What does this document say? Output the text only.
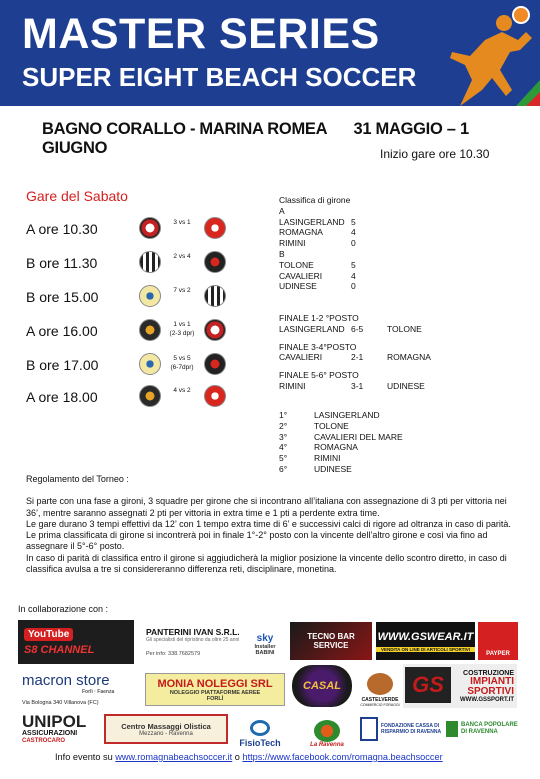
MASTER SERIES
SUPER EIGHT BEACH SOCCER
BAGNO CORALLO - MARINA ROMEA 31 MAGGIO – 1 GIUGNO	Inizio gare ore 10.30
Gare del Sabato
A ore 10.30	3 vs 1
B ore 11.30	2 vs 4
B ore 15.00	7 vs 2
A ore 16.00	1 vs 1
(2-3 dpr)
B ore 17.00	5 vs 5
(6-7dpr)
A ore 18.00	4 vs 2
Classifica di girone
A
LASINGERLAND 5
ROMAGNA	4
RIMINI	0
B
TOLONE	5
CAVALIERI	4
UDINESE	0
FINALE 1-2 °POSTO
LASINGERLAND 6-5	TOLONE
FINALE 3-4°POSTO
CAVALIERI	2-1	ROMAGNA
FINALE 5-6° POSTO
RIMINI	3-1	UDINESE
1°	LASINGERLAND
2°	TOLONE
3°	CAVALIERI DEL MARE
4°	ROMAGNA
5°	RIMINI
6°	UDINESE

Regolamento del Torneo :

Si parte con una fase a gironi, 3 squadre per girone che si incontrano all’italiana con assegnazione di 3 pti per vittoria nei 36’, mentre saranno assegnati 2 pti per vittoria in extra time e 1 pti a perdente extra time.
Le gare durano 3 tempi effettivi da 12’ con 1 tempo extra time di 6’ e successivi calci di rigore ad oltranza in caso di parità.
Le prima classificata di girone si incontrerà poi in finale 1°-2° posto con la vincente dell’altro girone e così via fino ad assegnare il 5°-6° posto.
In caso di parità di classifica entro il girone si aggiudicherà la miglior posizione la vincente dello scontro diretto, in caso di classifica avulsa a tre si considereranno differenza reti, disciplinare, monetina.
In collaborazione con :
YouTube
S8 CHANNEL
PANTERINI IVAN S.R.L.
Gli specialisti del ripristino da oltre 25 anni
Per info: 338.7682579
sky
Installer BABINI
TECNO BAR SERVICE
WWW.GSWEAR.IT
VENDITA ON LINE DI ARTICOLI SPORTIVI
PAYPER
macron store
Forlì · Faenza
Via Bologna 340 Villanova (FC)
MONIA NOLEGGI SRL
NOLEGGIO PIATTAFORME AEREE
FORLÌ
CASAL
CASTELVERDE
COMMERCIO FORAGGI
GS	COSTRUZIONE
IMPIANTI SPORTIVI
WWW.GSSPORT.IT
UNIPOL
ASSICURAZIONI
CASTROCARO
Centro Massaggi Olistica
Mezzano - Ravenna
FisioTech	La Ravenna
FONDAZIONE CASSA DI RISPARMIO DI RAVENNA
BANCA POPOLARE DI RAVENNA
Info evento su www.romagnabeachsoccer.it o https://www.facebook.com/romagna.beachsoccer
